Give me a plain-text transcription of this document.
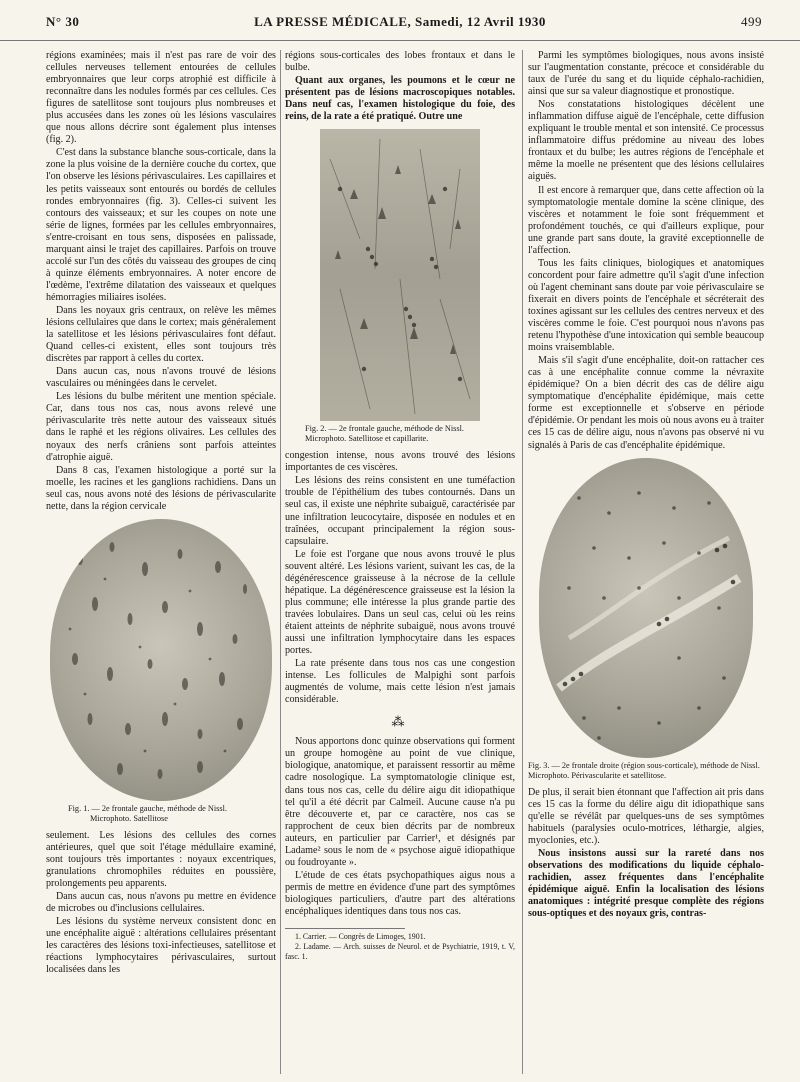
N° 30	LA PRESSE MÉDICALE, Samedi, 12 Avril 1930	499

régions examinées; mais il n'est pas rare de voir des cellules nerveuses tellement entourées de cellules embryonnaires que leur corps atrophié est difficile à reconnaître dans les nodules formés par ces cellules. Ces figures de satellitose sont toujours plus nombreuses et plus accusées dans les zones où les lésions vasculaires que nous allons décrire sont également plus intenses (fig. 2).

C'est dans la substance blanche sous-corticale, dans la zone la plus voisine de la dernière couche du cortex, que l'on observe les lésions périvasculaires. Les capillaires et les petits vaisseaux sont entourés ou bordés de cellules rondes embryonnaires (fig. 3). Celles-ci suivent les contours des vaisseaux; et sur les coupes on note une série de lignes, formées par les cellules embryonnaires, s'entre-croisant en tous sens, disposées en palissade, marquant ainsi le trajet des capillaires. Parfois on trouve accolé sur l'un des côtés du vaisseau des groupes de cinq à quinze éléments embryonnaires. A noter encore de l'œdème, l'extrême dilatation des vaisseaux et quelques hémorragies miliaires isolées.

Dans les noyaux gris centraux, on relève les mêmes lésions cellulaires que dans le cortex; mais généralement la satellitose et les lésions périvasculaires font défaut. Quand celles-ci existent, elles sont toujours très discrètes par rapport à celles du cortex.

Dans aucun cas, nous n'avons trouvé de lésions vasculaires ou méningées dans le cervelet.

Les lésions du bulbe méritent une mention spéciale. Car, dans tous nos cas, nous avons relevé une périvascularite très nette autour des vaisseaux situés dans le raphé et les régions olivaires. Les cellules des noyaux des nerfs crâniens sont parfois atteintes d'atrophie aiguë.

Dans 8 cas, l'examen histologique a porté sur la moelle, les racines et les ganglions rachidiens. Dans un seul cas, nous avons noté des lésions de périvascularite nette, dans la région cervicale

Fig. 1. — 2e frontale gauche, méthode de Nissl.
Microphoto. Satellitose

seulement. Les lésions des cellules des cornes antérieures, quel que soit l'étage médullaire examiné, sont toujours très importantes : noyaux excentriques, granulations chromophiles réduites en poussière, prolongements peu apparents.

Dans aucun cas, nous n'avons pu mettre en évidence de microbes ou d'inclusions cellulaires.

Les lésions du système nerveux consistent donc en une encéphalite aiguë : altérations cellulaires présentant les caractères des lésions toxi-infectieuses, satellitose et réactions lymphocytaires périvasculaires, surtout localisées dans les

régions sous-corticales des lobes frontaux et dans le bulbe.

Quant aux organes, les poumons et le cœur ne présentent pas de lésions macroscopiques notables. Dans neuf cas, l'examen histologique du foie, des reins, de la rate a été pratiqué. Outre une

Fig. 2. — 2e frontale gauche, méthode de Nissl.
Microphoto. Satellitose et capillarite.

congestion intense, nous avons trouvé des lésions importantes de ces viscères.

Les lésions des reins consistent en une tuméfaction trouble de l'épithélium des tubes contournés. Dans un seul cas, il existe une néphrite subaiguë, caractérisée par une infiltration leucocytaire, disposée en nodules et en traînées, occupant principalement la région sous-capsulaire.

Le foie est l'organe que nous avons trouvé le plus souvent altéré. Les lésions varient, suivant les cas, de la dégénérescence graisseuse à la nécrose de la cellule hépatique. La dégénérescence graisseuse est la lésion la plus commune; elle intéresse la plus grande partie des travées lobulaires. Dans un seul cas, celui où les reins étaient atteints de néphrite subaiguë, nous avons trouvé aussi une infiltration lymphocytaire dans les espaces portes.

La rate présente dans tous nos cas une congestion intense. Les follicules de Malpighi sont parfois augmentés de volume, mais cette lésion n'est jamais considérable.

⁂

Nous apportons donc quinze observations qui forment un groupe homogène au point de vue clinique, biologique, anatomique, et paraissent ressortir au même cadre nosologique. La symptomatologie clinique est, dans tous nos cas, celle du délire aigu dit idiopathique tel qu'il a été décrit par Calmeil. Aucune cause n'a pu être découverte et, par ce caractère, nos cas se rapprochent de ceux bien décrits par de nombreux auteurs, en particulier par Carrier¹, et désignés par Ladame² sous le nom de « psychose aiguë idiopathique ou foudroyante ».

L'étude de ces états psychopathiques aigus nous a permis de mettre en évidence d'une part des symptômes biologiques particuliers, d'autre part des altérations encéphaliques identiques dans tous nos cas.

1. Carrier. — Congrès de Limoges, 1901.
2. Ladame. — Arch. suisses de Neurol. et de Psychiatrie, 1919, t. V, fasc. 1.

Parmi les symptômes biologiques, nous avons insisté sur l'augmentation constante, précoce et considérable du taux de l'urée du sang et du liquide céphalo-rachidien, ainsi que sur sa valeur diagnostique et pronostique.

Nos constatations histologiques décèlent une inflammation diffuse aiguë de l'encéphale, cette diffusion expliquant le trouble mental et son intensité. Ce processus inflammatoire diffus prédomine au niveau des lobes frontaux et du bulbe; les autres régions de l'encéphale et même la moelle ne présentent que des lésions cellulaires aiguës.

Il est encore à remarquer que, dans cette affection où la symptomatologie mentale domine la scène clinique, des viscères et notamment le foie sont fréquemment et profondément touchés, ce qui d'ailleurs explique, pour une grande part sans doute, la gravité exceptionnelle de l'affection.

Tous les faits cliniques, biologiques et anatomiques concordent pour faire admettre qu'il s'agit d'une infection où l'agent cheminant sans doute par voie périvasculaire se fixerait en divers points de l'encéphale et sécréterait des toxines agissant sur les cellules des centres nerveux et des viscères comme le foie. C'est pourquoi nous n'avons pas retenu l'hypothèse d'une intoxication qui semble beaucoup moins vraisemblable.

Mais s'il s'agit d'une encéphalite, doit-on rattacher ces cas à une encéphalite connue comme la névraxite épidémique? On a bien décrit des cas de délire aigu symptomatique d'encéphalite épidémique, mais cette forme est exceptionnelle et s'observe en période d'épidémie. Or pendant les mois où nous avons eu à traiter ces 15 cas de délire aigu, nous n'avons pas observé ni vu signalés à Paris de cas d'encéphalite épidémique.

Fig. 3. — 2e frontale droite (région sous-corticale), méthode de Nissl. Microphoto. Périvascularite et satellitose.

De plus, il serait bien étonnant que l'affection ait pris dans ces 15 cas la forme du délire aigu dit idiopathique sans qu'elle se révélât par quelques-uns de ses symptômes habituels (paralysies oculo-motrices, léthargie, algies, myoclonies, etc.).

Nous insistons aussi sur la rareté dans nos observations des modifications du liquide céphalo-rachidien, assez fréquentes dans l'encéphalite épidémique aiguë. Enfin la localisation des lésions anatomiques : intégrité presque complète des régions sous-optiques et des noyaux gris, contras-
